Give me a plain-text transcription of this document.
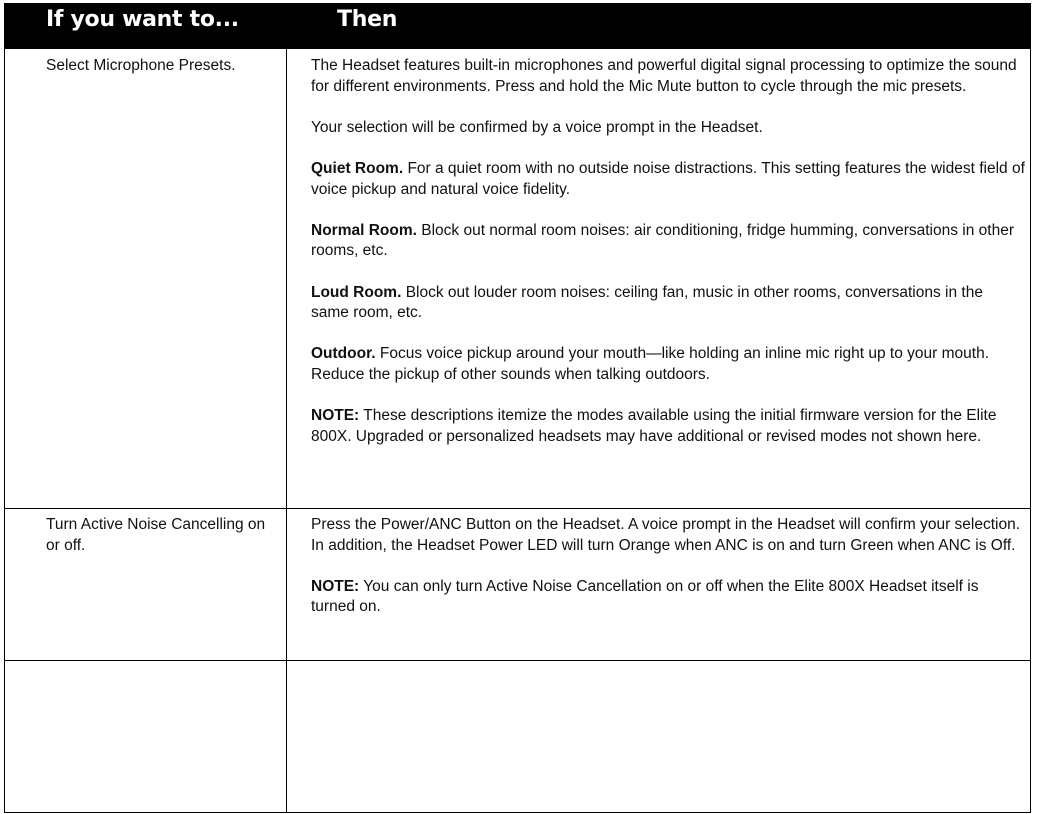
If you want to...	Then
Select Microphone Presets.	The Headset features built-in microphones and powerful digital signal processing to optimize the sound for different environments. Press and hold the Mic Mute button to cycle through the mic presets.

Your selection will be confirmed by a voice prompt in the Headset.

Quiet Room. For a quiet room with no outside noise distractions. This setting features the widest field of voice pickup and natural voice fidelity.

Normal Room. Block out normal room noises: air conditioning, fridge humming, conversations in other rooms, etc.

Loud Room. Block out louder room noises: ceiling fan, music in other rooms, conversations in the same room, etc.

Outdoor. Focus voice pickup around your mouth—like holding an inline mic right up to your mouth. Reduce the pickup of other sounds when talking outdoors.

NOTE: These descriptions itemize the modes available using the initial firmware version for the Elite 800X. Upgraded or personalized headsets may have additional or revised modes not shown here.

Turn Active Noise Cancelling on or off.

Press the Power/ANC Button on the Headset. A voice prompt in the Headset will confirm your selection. In addition, the Headset Power LED will turn Orange when ANC is on and turn Green when ANC is Off.

NOTE: You can only turn Active Noise Cancellation on or off when the Elite 800X Headset itself is turned on.
